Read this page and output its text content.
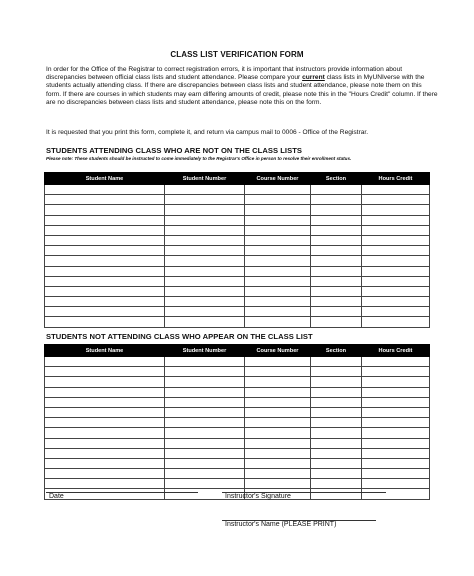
CLASS LIST VERIFICATION FORM
In order for the Office of the Registrar to correct registration errors, it is important that instructors provide information about discrepancies between official class lists and student attendance. Please compare your current class lists in MyUNIverse with the students actually attending class. If there are discrepancies between class lists and student attendance, please note them on this form. If there are courses in which students may earn differing amounts of credit, please note this in the "Hours Credit" column. If there are no discrepancies between class lists and student attendance, please note this on the form.
It is requested that you print this form, complete it, and return via campus mail to 0006 - Office of the Registrar.
STUDENTS ATTENDING CLASS WHO ARE NOT ON THE CLASS LISTS
Please note: These students should be instructed to come immediately to the Registrar's Office in person to resolve their enrollment status.
Student Name	Student Number	Course Number	Section	Hours Credit

STUDENTS NOT ATTENDING CLASS WHO APPEAR ON THE CLASS LIST
Student Name	Student Number	Course Number	Section	Hours Credit

Date	Instructor's Signature
Instructor's Name (PLEASE PRINT)
